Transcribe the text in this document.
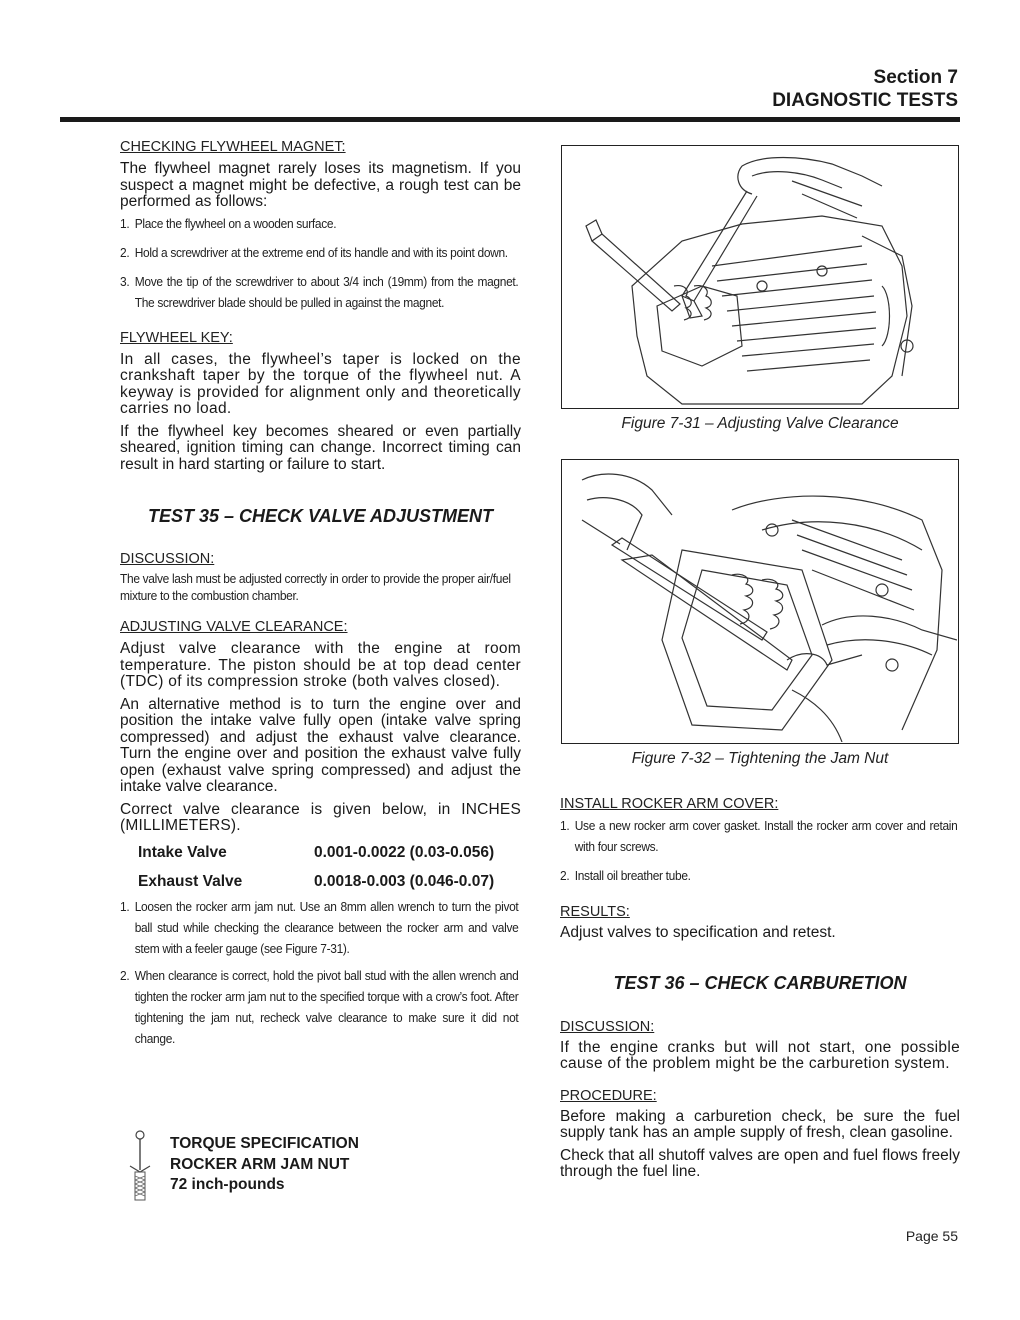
Section 7
DIAGNOSTIC TESTS
CHECKING FLYWHEEL MAGNET:
The flywheel magnet rarely loses its magnetism. If you suspect a magnet might be defective, a rough test can be performed as follows:
1. Place the flywheel on a wooden surface.
2. Hold a screwdriver at the extreme end of its handle and with its point down.
3. Move the tip of the screwdriver to about 3/4 inch (19mm) from the magnet. The screwdriver blade should be pulled in against the magnet.
FLYWHEEL KEY:
In all cases, the flywheel’s taper is locked on the crankshaft taper by the torque of the flywheel nut. A keyway is provided for alignment only and theoretically carries no load.
If the flywheel key becomes sheared or even partially sheared, ignition timing can change. Incorrect timing can result in hard starting or failure to start.
TEST 35 – CHECK VALVE ADJUSTMENT
DISCUSSION:
The valve lash must be adjusted correctly in order to provide the proper air/fuel mixture to the combustion chamber.
ADJUSTING VALVE CLEARANCE:
Adjust valve clearance with the engine at room temperature. The piston should be at top dead center (TDC) of its compression stroke (both valves closed).
An alternative method is to turn the engine over and position the intake valve fully open (intake valve spring compressed) and adjust the exhaust valve clearance. Turn the engine over and position the exhaust valve fully open (exhaust valve spring compressed) and adjust the intake valve clearance.
Correct valve clearance is given below, in INCHES (MILLIMETERS).
Intake Valve	0.001-0.0022 (0.03-0.056)
Exhaust Valve	0.0018-0.003 (0.046-0.07)
1. Loosen the rocker arm jam nut. Use an 8mm allen wrench to turn the pivot ball stud while checking the clearance between the rocker arm and valve stem with a feeler gauge (see Figure 7-31).
2. When clearance is correct, hold the pivot ball stud with the allen wrench and tighten the rocker arm jam nut to the specified torque with a crow’s foot. After tightening the jam nut, recheck valve clearance to make sure it did not change.
TORQUE SPECIFICATION
ROCKER ARM JAM NUT
72 inch-pounds
Figure 7-31 – Adjusting Valve Clearance
Figure 7-32 – Tightening the Jam Nut
INSTALL ROCKER ARM COVER:
1. Use a new rocker arm cover gasket. Install the rocker arm cover and retain with four screws.
2. Install oil breather tube.
RESULTS:
Adjust valves to specification and retest.
TEST 36 – CHECK CARBURETION
DISCUSSION:
If the engine cranks but will not start, one possible cause of the problem might be the carburetion system.
PROCEDURE:
Before making a carburetion check, be sure the fuel supply tank has an ample supply of fresh, clean gasoline.
Check that all shutoff valves are open and fuel flows freely through the fuel line.
Page 55
